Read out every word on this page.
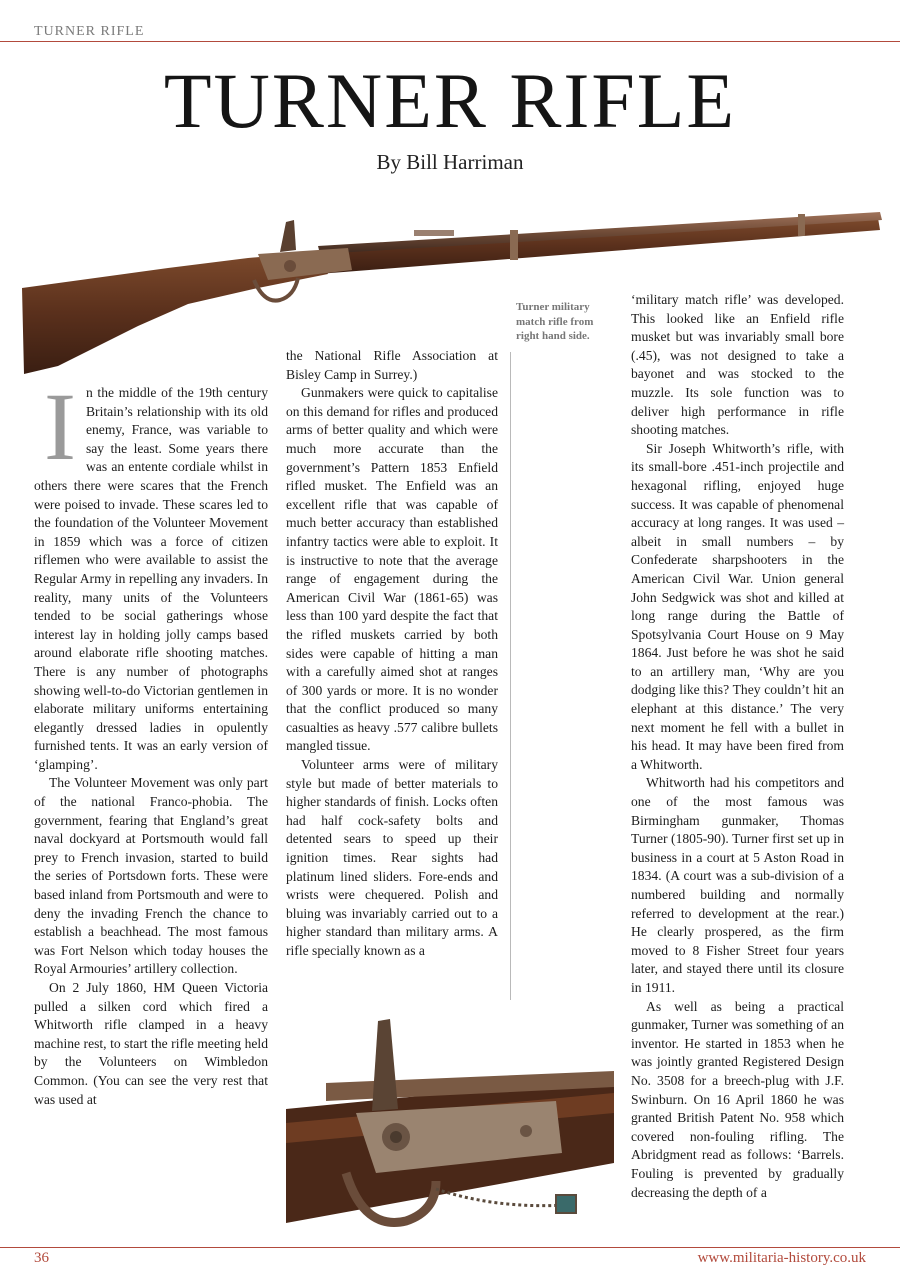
TURNER RIFLE
TURNER RIFLE
By Bill Harriman

In the middle of the 19th century Britain’s relationship with its old enemy, France, was variable to say the least. Some years there was an entente cordiale whilst in others there were scares that the French were poised to invade. These scares led to the foundation of the Volunteer Movement in 1859 which was a force of citizen riflemen who were available to assist the Regular Army in repelling any invaders. In reality, many units of the Volunteers tended to be social gatherings whose interest lay in holding jolly camps based around elaborate rifle shooting matches. There is any number of photographs showing well-to-do Victorian gentlemen in elaborate military uniforms entertaining elegantly dressed ladies in opulently furnished tents. It was an early version of ‘glamping’.

The Volunteer Movement was only part of the national Franco-phobia. The government, fearing that England’s great naval dockyard at Portsmouth would fall prey to French invasion, started to build the series of Portsdown forts. These were based inland from Portsmouth and were to deny the invading French the chance to establish a beachhead. The most famous was Fort Nelson which today houses the Royal Armouries’ artillery collection.

On 2 July 1860, HM Queen Victoria pulled a silken cord which fired a Whitworth rifle clamped in a heavy machine rest, to start the rifle meeting held by the Volunteers on Wimbledon Common. (You can see the very rest that was used at

the National Rifle Association at Bisley Camp in Surrey.)

Gunmakers were quick to capitalise on this demand for rifles and produced arms of better quality and which were much more accurate than the government’s Pattern 1853 Enfield rifled musket. The Enfield was an excellent rifle that was capable of much better accuracy than established infantry tactics were able to exploit. It is instructive to note that the average range of engagement during the American Civil War (1861-65) was less than 100 yard despite the fact that the rifled muskets carried by both sides were capable of hitting a man with a carefully aimed shot at ranges of 300 yards or more. It is no wonder that the conflict produced so many casualties as heavy .577 calibre bullets mangled tissue.

Volunteer arms were of military style but made of better materials to higher standards of finish. Locks often had half cock-safety bolts and detented sears to speed up their ignition times. Rear sights had platinum lined sliders. Fore-ends and wrists were chequered. Polish and bluing was invariably carried out to a higher standard than military arms. A rifle specially known as a

Turner military match rifle from right hand side.

‘military match rifle’ was developed. This looked like an Enfield rifle musket but was invariably small bore (.45), was not designed to take a bayonet and was stocked to the muzzle. Its sole function was to deliver high performance in rifle shooting matches.

Sir Joseph Whitworth’s rifle, with its small-bore .451-inch projectile and hexagonal rifling, enjoyed huge success. It was capable of phenomenal accuracy at long ranges. It was used – albeit in small numbers – by Confederate sharpshooters in the American Civil War. Union general John Sedgwick was shot and killed at long range during the Battle of Spotsylvania Court House on 9 May 1864. Just before he was shot he said to an artillery man, ‘Why are you dodging like this? They couldn’t hit an elephant at this distance.’ The very next moment he fell with a bullet in his head. It may have been fired from a Whitworth.

Whitworth had his competitors and one of the most famous was Birmingham gunmaker, Thomas Turner (1805-90). Turner first set up in business in a court at 5 Aston Road in 1834. (A court was a sub-division of a numbered building and normally referred to development at the rear.) He clearly prospered, as the firm moved to 8 Fisher Street four years later, and stayed there until its closure in 1911.

As well as being a practical gunmaker, Turner was something of an inventor. He started in 1853 when he was jointly granted Registered Design No. 3508 for a breech-plug with J.F. Swinburn. On 16 April 1860 he was granted British Patent No. 958 which covered non-fouling rifling. The Abridgment read as follows: ‘Barrels. Fouling is prevented by gradually decreasing the depth of a

36	www.militaria-history.co.uk
